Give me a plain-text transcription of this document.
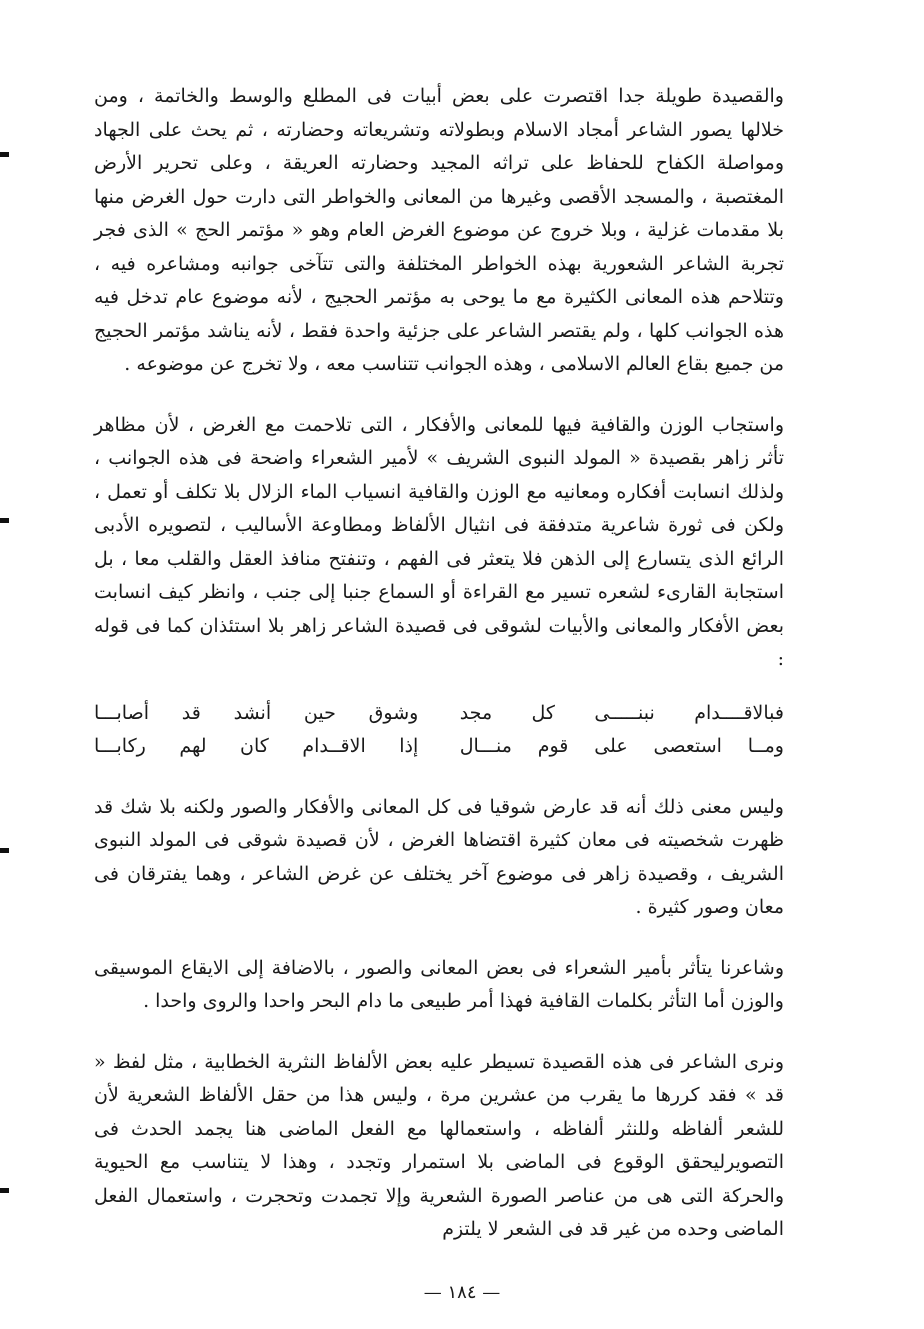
والقصيدة طويلة جدا اقتصرت على بعض أبيات فى المطلع والوسط والخاتمة ، ومن خلالها يصور الشاعر أمجاد الاسلام وبطولاته وتشريعاته وحضارته ، ثم يحث على الجهاد ومواصلة الكفاح للحفاظ على تراثه المجيد وحضارته العريقة ، وعلى تحرير الأرض المغتصبة ، والمسجد الأقصى وغيرها من المعانى والخواطر التى دارت حول الغرض منها بلا مقدمات غزلية ، وبلا خروج عن موضوع الغرض العام وهو « مؤتمر الحج » الذى فجر تجربة الشاعر الشعورية بهذه الخواطر المختلفة والتى تتآخى جوانبه ومشاعره فيه ، وتتلاحم هذه المعانى الكثيرة مع ما يوحى به مؤتمر الحجيج ، لأنه موضوع عام تدخل فيه هذه الجوانب كلها ، ولم يقتصر الشاعر على جزئية واحدة فقط ، لأنه يناشد مؤتمر الحجيج من جميع بقاع العالم الاسلامى ، وهذه الجوانب تتناسب معه ، ولا تخرج عن موضوعه .

واستجاب الوزن والقافية فيها للمعانى والأفكار ، التى تلاحمت مع الغرض ، لأن مظاهر تأثر زاهر بقصيدة « المولد النبوى الشريف » لأمير الشعراء واضحة فى هذه الجوانب ، ولذلك انسابت أفكاره ومعانيه مع الوزن والقافية انسياب الماء الزلال بلا تكلف أو تعمل ، ولكن فى ثورة شاعرية متدفقة فى انثيال الألفاظ ومطاوعة الأساليب ، لتصويره الأدبى الرائع الذى يتسارع إلى الذهن فلا يتعثر فى الفهم ، وتنفتح منافذ العقل والقلب معا ، بل استجابة القارىء لشعره تسير مع القراءة أو السماع جنبا إلى جنب ، وانظر كيف انسابت بعض الأفكار والمعانى والأبيات لشوقى فى قصيدة الشاعر زاهر بلا استئذان كما فى قوله :

فبالاقــــدام نبنـــــى كل مجد
وشوق حين أنشد قد أصابـــا
ومــا استعصى على قوم منـــال
إذا الاقــدام كان لهم ركابـــا

وليس معنى ذلك أنه قد عارض شوقيا فى كل المعانى والأفكار والصور ولكنه بلا شك قد ظهرت شخصيته فى معان كثيرة اقتضاها الغرض ، لأن قصيدة شوقى فى المولد النبوى الشريف ، وقصيدة زاهر فى موضوع آخر يختلف عن غرض الشاعر ، وهما يفترقان فى معان وصور كثيرة .

وشاعرنا يتأثر بأمير الشعراء فى بعض المعانى والصور ، بالاضافة إلى الايقاع الموسيقى والوزن أما التأثر بكلمات القافية فهذا أمر طبيعى ما دام البحر واحدا والروى واحدا .

ونرى الشاعر فى هذه القصيدة تسيطر عليه بعض الألفاظ النثرية الخطابية ، مثل لفظ « قد » فقد كررها ما يقرب من عشرين مرة ، وليس هذا من حقل الألفاظ الشعرية لأن للشعر ألفاظه وللنثر ألفاظه ، واستعمالها مع الفعل الماضى هنا يجمد الحدث فى التصويرليحقق الوقوع فى الماضى بلا استمرار وتجدد ، وهذا لا يتناسب مع الحيوية والحركة التى هى من عناصر الصورة الشعرية وإلا تجمدت وتحجرت ، واستعمال الفعل الماضى وحده من غير قد فى الشعر لا يلتزم

— ١٨٤ —
